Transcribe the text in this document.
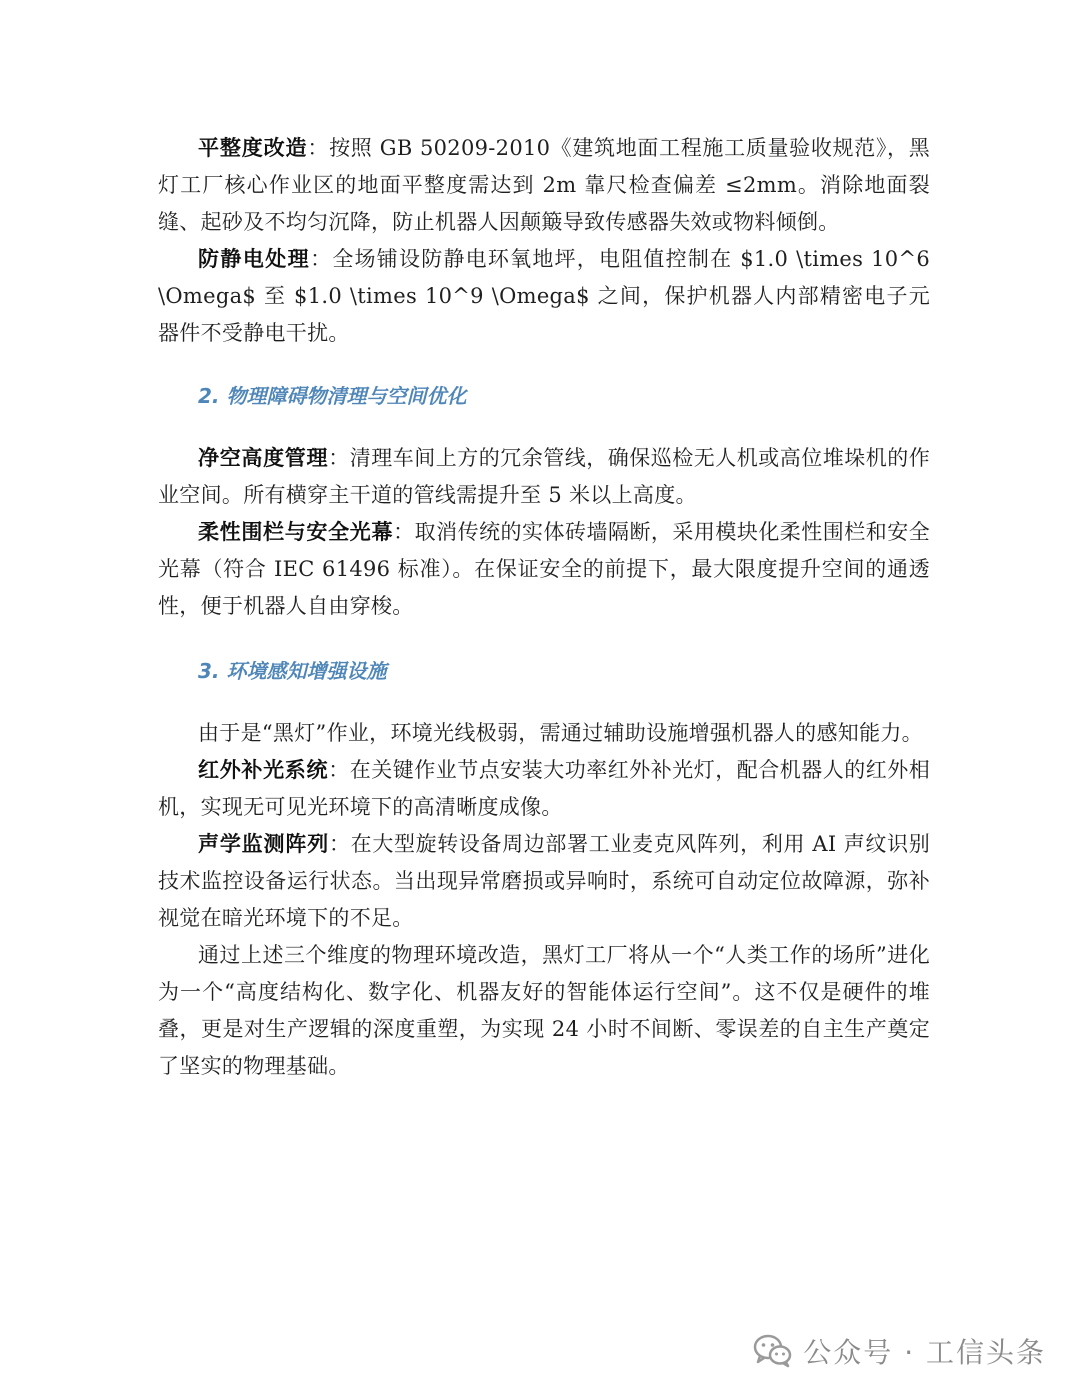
平整度改造：按照 GB 50209-2010《建筑地面工程施工质量验收规范》，黑灯工厂核心作业区的地面平整度需达到 2m 靠尺检查偏差 ≤2mm。消除地面裂缝、起砂及不均匀沉降，防止机器人因颠簸导致传感器失效或物料倾倒。

防静电处理：全场铺设防静电环氧地坪，电阻值控制在 $1.0 \times 10^6 \Omega$ 至 $1.0 \times 10^9 \Omega$ 之间，保护机器人内部精密电子元器件不受静电干扰。

2. 物理障碍物清理与空间优化

净空高度管理：清理车间上方的冗余管线，确保巡检无人机或高位堆垛机的作业空间。所有横穿主干道的管线需提升至 5 米以上高度。

柔性围栏与安全光幕：取消传统的实体砖墙隔断，采用模块化柔性围栏和安全光幕（符合 IEC 61496 标准）。在保证安全的前提下，最大限度提升空间的通透性，便于机器人自由穿梭。

3. 环境感知增强设施

由于是“黑灯”作业，环境光线极弱，需通过辅助设施增强机器人的感知能力。

红外补光系统：在关键作业节点安装大功率红外补光灯，配合机器人的红外相机，实现无可见光环境下的高清晰度成像。

声学监测阵列：在大型旋转设备周边部署工业麦克风阵列，利用 AI 声纹识别技术监控设备运行状态。当出现异常磨损或异响时，系统可自动定位故障源，弥补视觉在暗光环境下的不足。

通过上述三个维度的物理环境改造，黑灯工厂将从一个“人类工作的场所”进化为一个“高度结构化、数字化、机器友好的智能体运行空间”。这不仅是硬件的堆叠，更是对生产逻辑的深度重塑，为实现 24 小时不间断、零误差的自主生产奠定了坚实的物理基础。

公众号 · 工信头条
